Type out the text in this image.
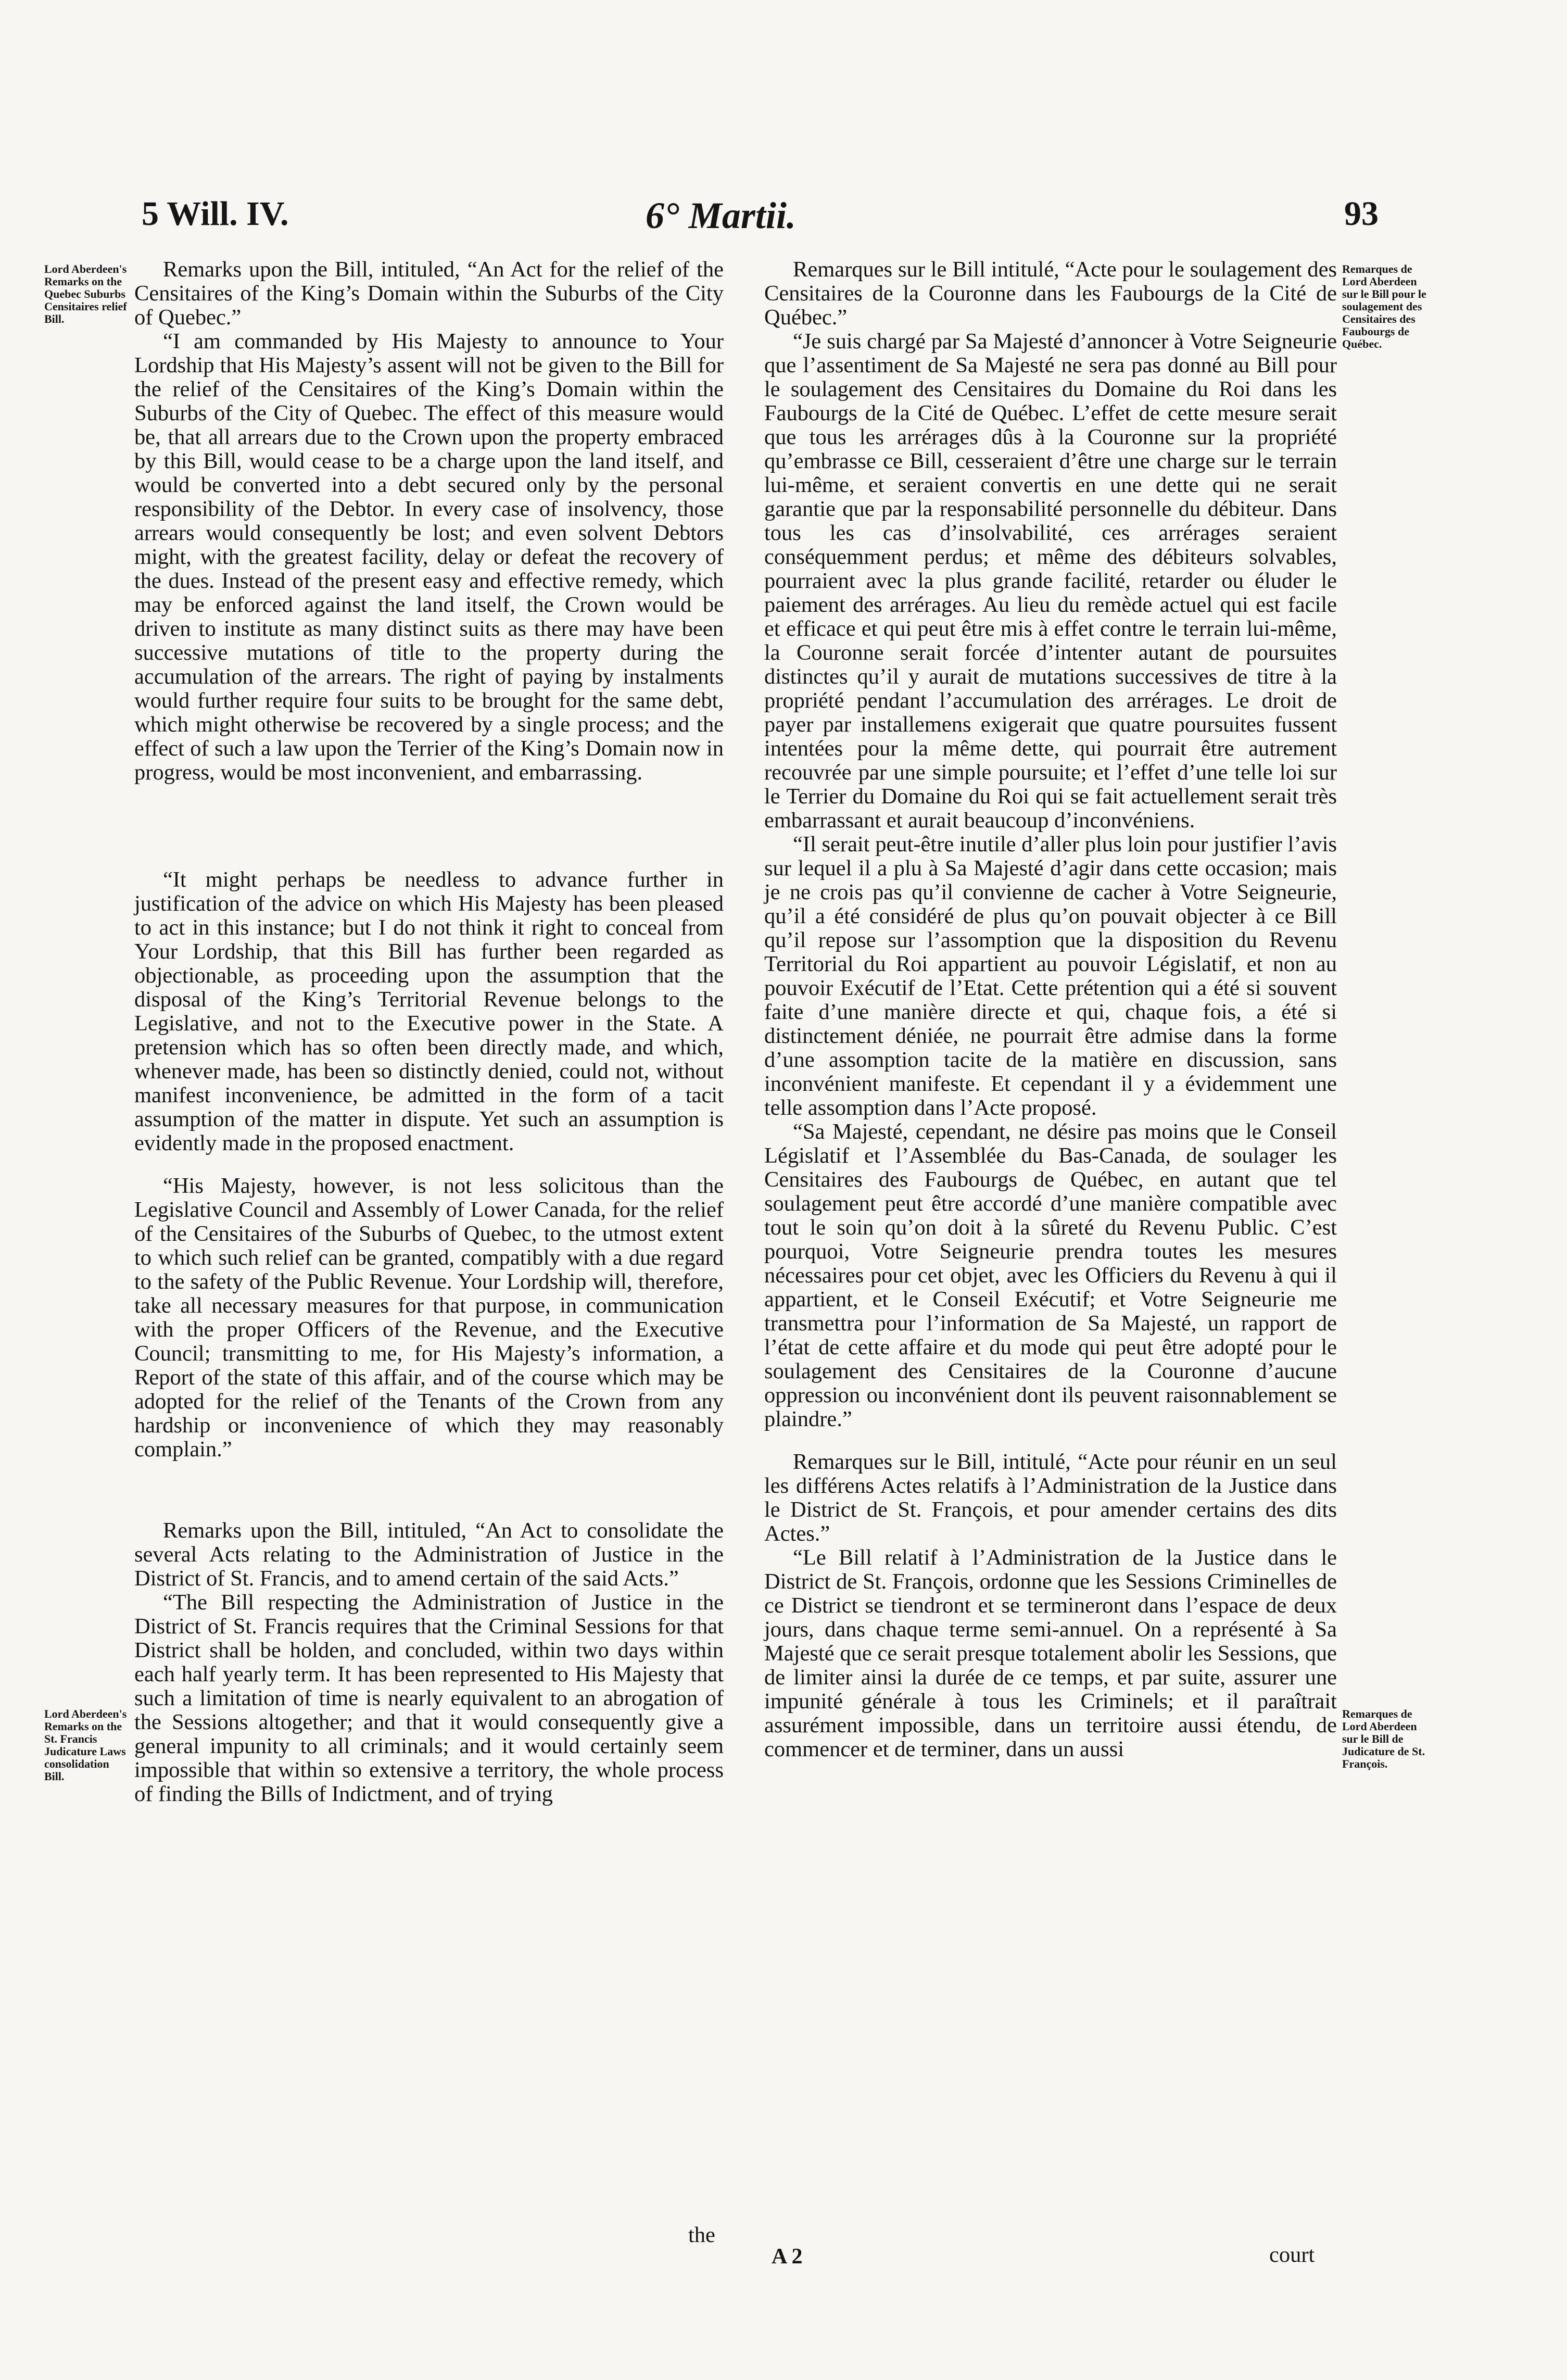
5 Will. IV.	6° Martii.	93
Lord Aberdeen's Remarks on the Quebec Suburbs Censitaires relief Bill.
Remarques de Lord Aberdeen sur le Bill pour le soulagement des Censitaires des Faubourgs de Québec.
Lord Aberdeen's Remarks on the St. Francis Judicature Laws consolidation Bill.
Remarques de Lord Aberdeen sur le Bill de Judicature de St. François.

Remarks upon the Bill, intituled, “An Act for the relief of the Censitaires of the King’s Domain within the Suburbs of the City of Quebec.”

“I am commanded by His Majesty to announce to Your Lordship that His Majesty’s assent will not be given to the Bill for the relief of the Censitaires of the King’s Domain within the Suburbs of the City of Quebec. The effect of this measure would be, that all arrears due to the Crown upon the property embraced by this Bill, would cease to be a charge upon the land itself, and would be converted into a debt secured only by the personal responsibility of the Debtor. In every case of insolvency, those arrears would consequently be lost; and even solvent Debtors might, with the greatest facility, delay or defeat the recovery of the dues. Instead of the present easy and effective remedy, which may be enforced against the land itself, the Crown would be driven to institute as many distinct suits as there may have been successive mutations of title to the property during the accumulation of the arrears. The right of paying by instalments would further require four suits to be brought for the same debt, which might otherwise be recovered by a single process; and the effect of such a law upon the Terrier of the King’s Domain now in progress, would be most inconvenient, and embarrassing.

“It might perhaps be needless to advance further in justification of the advice on which His Majesty has been pleased to act in this instance; but I do not think it right to conceal from Your Lordship, that this Bill has further been regarded as objectionable, as proceeding upon the assumption that the disposal of the King’s Territorial Revenue belongs to the Legislative, and not to the Executive power in the State. A pretension which has so often been directly made, and which, whenever made, has been so distinctly denied, could not, without manifest inconvenience, be admitted in the form of a tacit assumption of the matter in dispute. Yet such an assumption is evidently made in the proposed enactment.

“His Majesty, however, is not less solicitous than the Legislative Council and Assembly of Lower Canada, for the relief of the Censitaires of the Suburbs of Quebec, to the utmost extent to which such relief can be granted, compatibly with a due regard to the safety of the Public Revenue. Your Lordship will, therefore, take all necessary measures for that purpose, in communication with the proper Officers of the Revenue, and the Executive Council; transmitting to me, for His Majesty’s information, a Report of the state of this affair, and of the course which may be adopted for the relief of the Tenants of the Crown from any hardship or inconvenience of which they may reasonably complain.”

Remarks upon the Bill, intituled, “An Act to consolidate the several Acts relating to the Administration of Justice in the District of St. Francis, and to amend certain of the said Acts.”

“The Bill respecting the Administration of Justice in the District of St. Francis requires that the Criminal Sessions for that District shall be holden, and concluded, within two days within each half yearly term. It has been represented to His Majesty that such a limitation of time is nearly equivalent to an abrogation of the Sessions altogether; and that it would consequently give a general impunity to all criminals; and it would certainly seem impossible that within so extensive a territory, the whole process of finding the Bills of Indictment, and of trying

the

Remarques sur le Bill intitulé, “Acte pour le soulagement des Censitaires de la Couronne dans les Faubourgs de la Cité de Québec.”

“Je suis chargé par Sa Majesté d’annoncer à Votre Seigneurie que l’assentiment de Sa Majesté ne sera pas donné au Bill pour le soulagement des Censitaires du Domaine du Roi dans les Faubourgs de la Cité de Québec. L’effet de cette mesure serait que tous les arrérages dûs à la Couronne sur la propriété qu’embrasse ce Bill, cesseraient d’être une charge sur le terrain lui-même, et seraient convertis en une dette qui ne serait garantie que par la responsabilité personnelle du débiteur. Dans tous les cas d’insolvabilité, ces arrérages seraient conséquemment perdus; et même des débiteurs solvables, pourraient avec la plus grande facilité, retarder ou éluder le paiement des arrérages. Au lieu du remède actuel qui est facile et efficace et qui peut être mis à effet contre le terrain lui-même, la Couronne serait forcée d’intenter autant de poursuites distinctes qu’il y aurait de mutations successives de titre à la propriété pendant l’accumulation des arrérages. Le droit de payer par installemens exigerait que quatre poursuites fussent intentées pour la même dette, qui pourrait être autrement recouvrée par une simple poursuite; et l’effet d’une telle loi sur le Terrier du Domaine du Roi qui se fait actuellement serait très embarrassant et aurait beaucoup d’inconvéniens.

“Il serait peut-être inutile d’aller plus loin pour justifier l’avis sur lequel il a plu à Sa Majesté d’agir dans cette occasion; mais je ne crois pas qu’il convienne de cacher à Votre Seigneurie, qu’il a été considéré de plus qu’on pouvait objecter à ce Bill qu’il repose sur l’assomption que la disposition du Revenu Territorial du Roi appartient au pouvoir Législatif, et non au pouvoir Exécutif de l’Etat. Cette prétention qui a été si souvent faite d’une manière directe et qui, chaque fois, a été si distinctement déniée, ne pourrait être admise dans la forme d’une assomption tacite de la matière en discussion, sans inconvénient manifeste. Et cependant il y a évidemment une telle assomption dans l’Acte proposé.

“Sa Majesté, cependant, ne désire pas moins que le Conseil Législatif et l’Assemblée du Bas-Canada, de soulager les Censitaires des Faubourgs de Québec, en autant que tel soulagement peut être accordé d’une manière compatible avec tout le soin qu’on doit à la sûreté du Revenu Public. C’est pourquoi, Votre Seigneurie prendra toutes les mesures nécessaires pour cet objet, avec les Officiers du Revenu à qui il appartient, et le Conseil Exécutif; et Votre Seigneurie me transmettra pour l’information de Sa Majesté, un rapport de l’état de cette affaire et du mode qui peut être adopté pour le soulagement des Censitaires de la Couronne d’aucune oppression ou inconvénient dont ils peuvent raisonnablement se plaindre.”

Remarques sur le Bill, intitulé, “Acte pour réunir en un seul les différens Actes relatifs à l’Administration de la Justice dans le District de St. François, et pour amender certains des dits Actes.”

“Le Bill relatif à l’Administration de la Justice dans le District de St. François, ordonne que les Sessions Criminelles de ce District se tiendront et se termineront dans l’espace de deux jours, dans chaque terme semi-annuel. On a représenté à Sa Majesté que ce serait presque totalement abolir les Sessions, que de limiter ainsi la durée de ce temps, et par suite, assurer une impunité générale à tous les Criminels; et il paraîtrait assurément impossible, dans un territoire aussi étendu, de commencer et de terminer, dans un aussi

court
A 2
